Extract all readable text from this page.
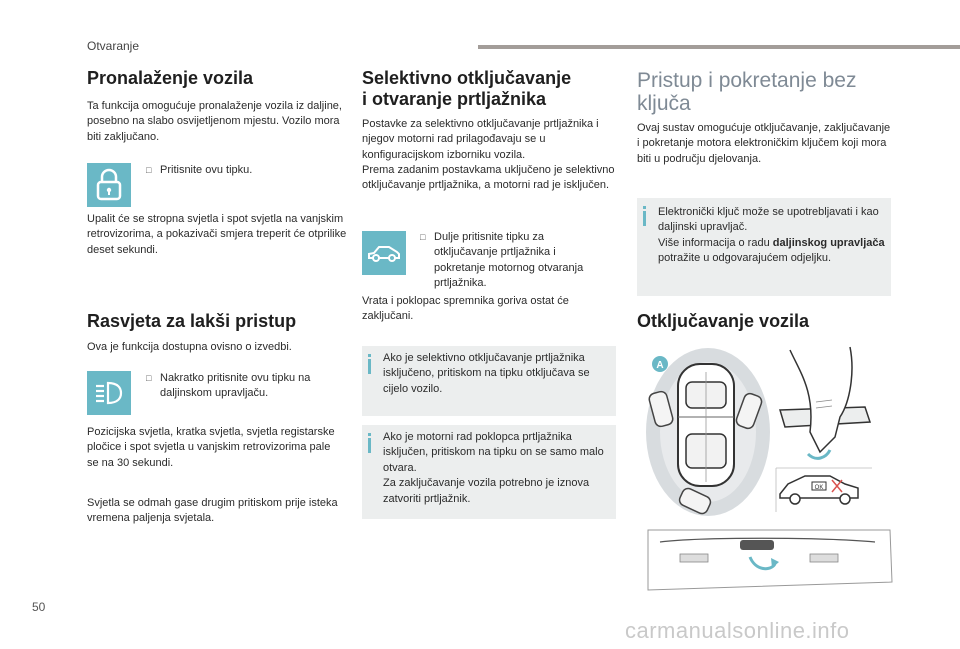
Otvaranje
Pronalaženje vozila

Ta funkcija omogućuje pronalaženje vozila iz daljine, posebno na slabo osvijetljenom mjestu. Vozilo mora biti zaključano.

□ Pritisnite ovu tipku.

Upalit će se stropna svjetla i spot svjetla na vanjskim retrovizorima, a pokazivači smjera treperit će otprilike deset sekundi.

Rasvjeta za lakši pristup

Ova je funkcija dostupna ovisno o izvedbi.

□ Nakratko pritisnite ovu tipku na daljinskom upravljaču.

Pozicijska svjetla, kratka svjetla, svjetla registarske pločice i spot svjetla u vanjskim retrovizorima pale se na 30 sekundi.

Svjetla se odmah gase drugim pritiskom prije isteka vremena paljenja svjetala.

Selektivno otključavanje
i otvaranje prtljažnika

Postavke za selektivno otključavanje prtljažnika i njegov motorni rad prilagođavaju se u konfiguracijskom izborniku vozila.

Prema zadanim postavkama uključeno je selektivno otključavanje prtljažnika, a motorni rad je isključen.

□ Dulje pritisnite tipku za otključavanje prtljažnika i pokretanje motornog otvaranja prtljažnika.

Vrata i poklopac spremnika goriva ostat će zaključani.

Ako je selektivno otključavanje prtljažnika isključeno, pritiskom na tipku otključava se cijelo vozilo.
Ako je motorni rad poklopca prtljažnika isključen, pritiskom na tipku on se samo malo otvara.
Za zaključavanje vozila potrebno je iznova zatvoriti prtljažnik.
Pristup i pokretanje bez
ključa

Ovaj sustav omogućuje otključavanje, zaključavanje i pokretanje motora elektroničkim ključem koji mora biti u području djelovanja.

Elektronički ključ može se upotrebljavati i kao daljinski upravljač.
Više informacija o radu daljinskog upravljača potražite u odgovarajućem odjeljku.
Otključavanje vozila
A
OK
50
carmanualsonline.info
